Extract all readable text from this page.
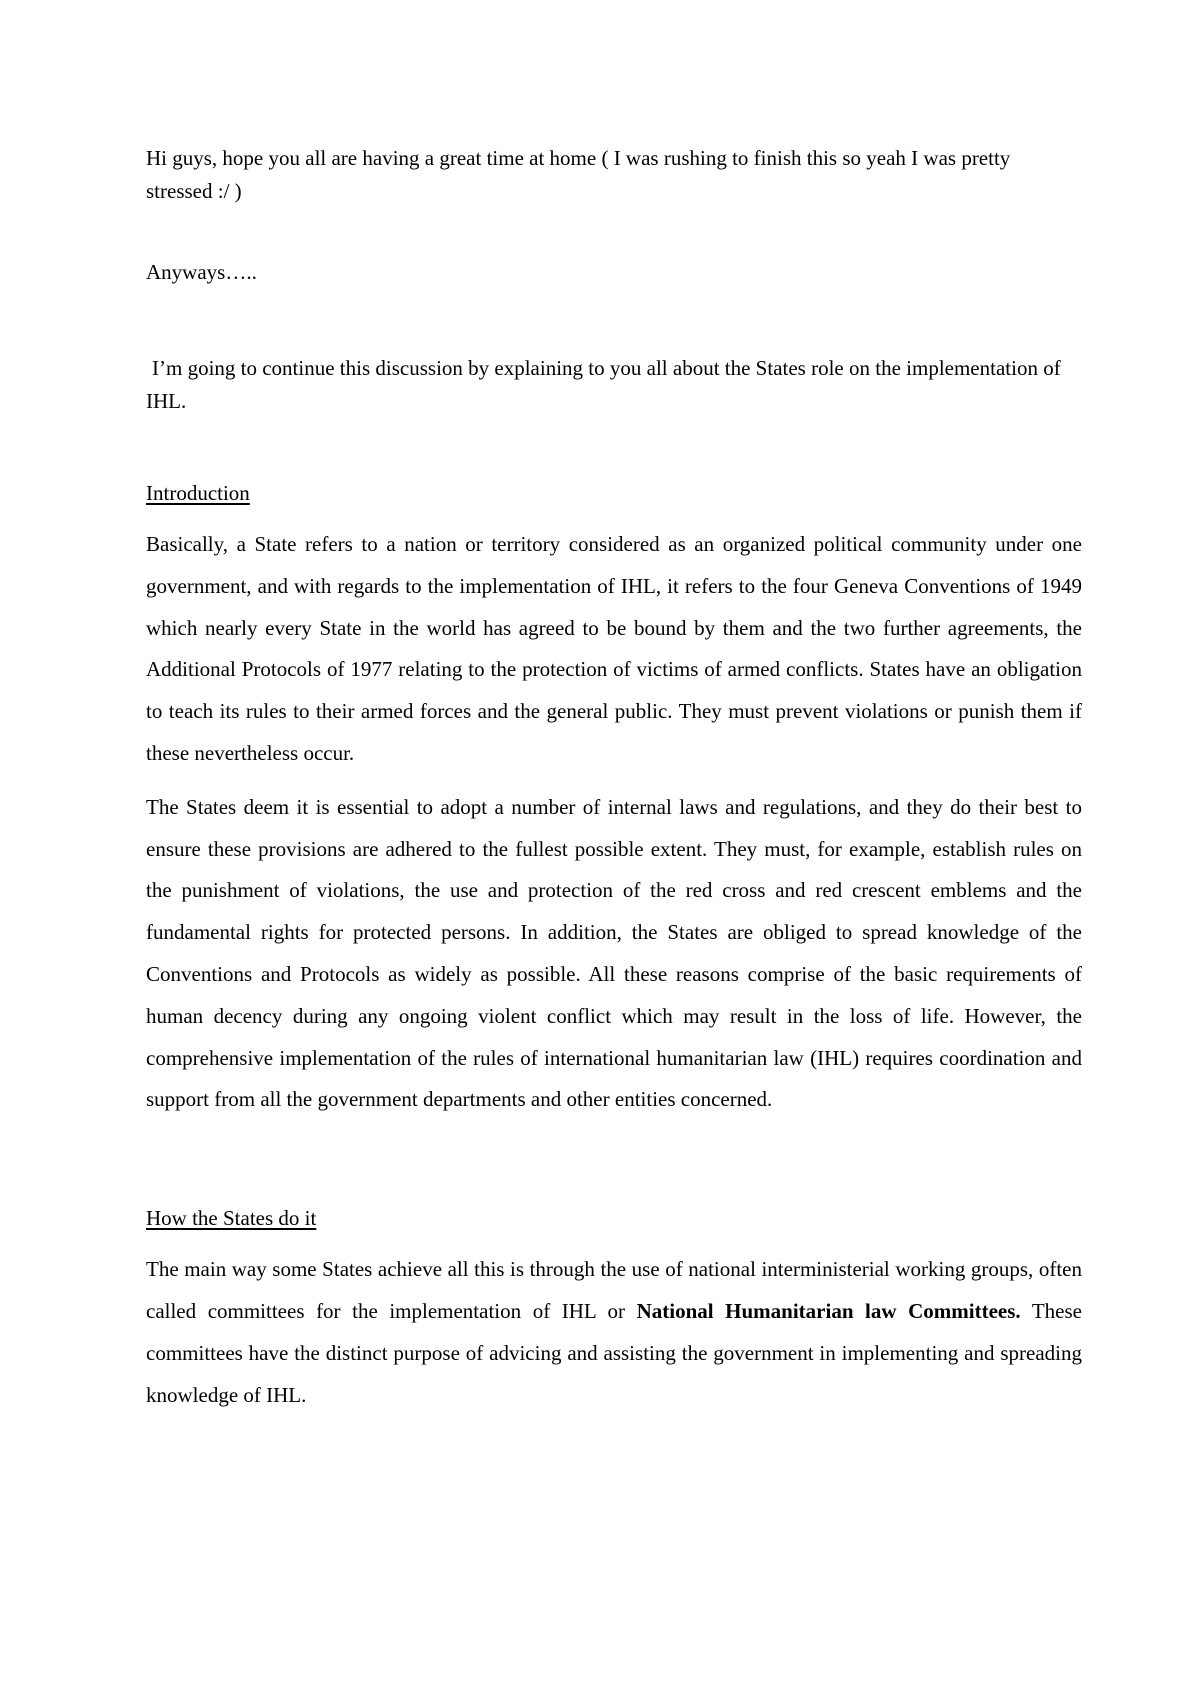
Hi guys, hope you all are having a great time at home ( I was rushing to finish this so yeah I was pretty stressed :/ )

Anyways…..

I’m going to continue this discussion by explaining to you all about the States role on the implementation of IHL.

Introduction

Basically, a State refers to a nation or territory considered as an organized political community under one government, and with regards to the implementation of IHL, it refers to the four Geneva Conventions of 1949 which nearly every State in the world has agreed to be bound by them and the two further agreements, the Additional Protocols of 1977 relating to the protection of victims of armed conflicts. States have an obligation to teach its rules to their armed forces and the general public. They must prevent violations or punish them if these nevertheless occur.

The States deem it is essential to adopt a number of internal laws and regulations, and they do their best to ensure these provisions are adhered to the fullest possible extent. They must, for example, establish rules on the punishment of violations, the use and protection of the red cross and red crescent emblems and the fundamental rights for protected persons. In addition, the States are obliged to spread knowledge of the Conventions and Protocols as widely as possible. All these reasons comprise of the basic requirements of human decency during any ongoing violent conflict which may result in the loss of life. However, the comprehensive implementation of the rules of international humanitarian law (IHL) requires coordination and support from all the government departments and other entities concerned.

How the States do it

The main way some States achieve all this is through the use of national interministerial working groups, often called committees for the implementation of IHL or National Humanitarian law Committees. These committees have the distinct purpose of advicing and assisting the government in implementing and spreading knowledge of IHL.
